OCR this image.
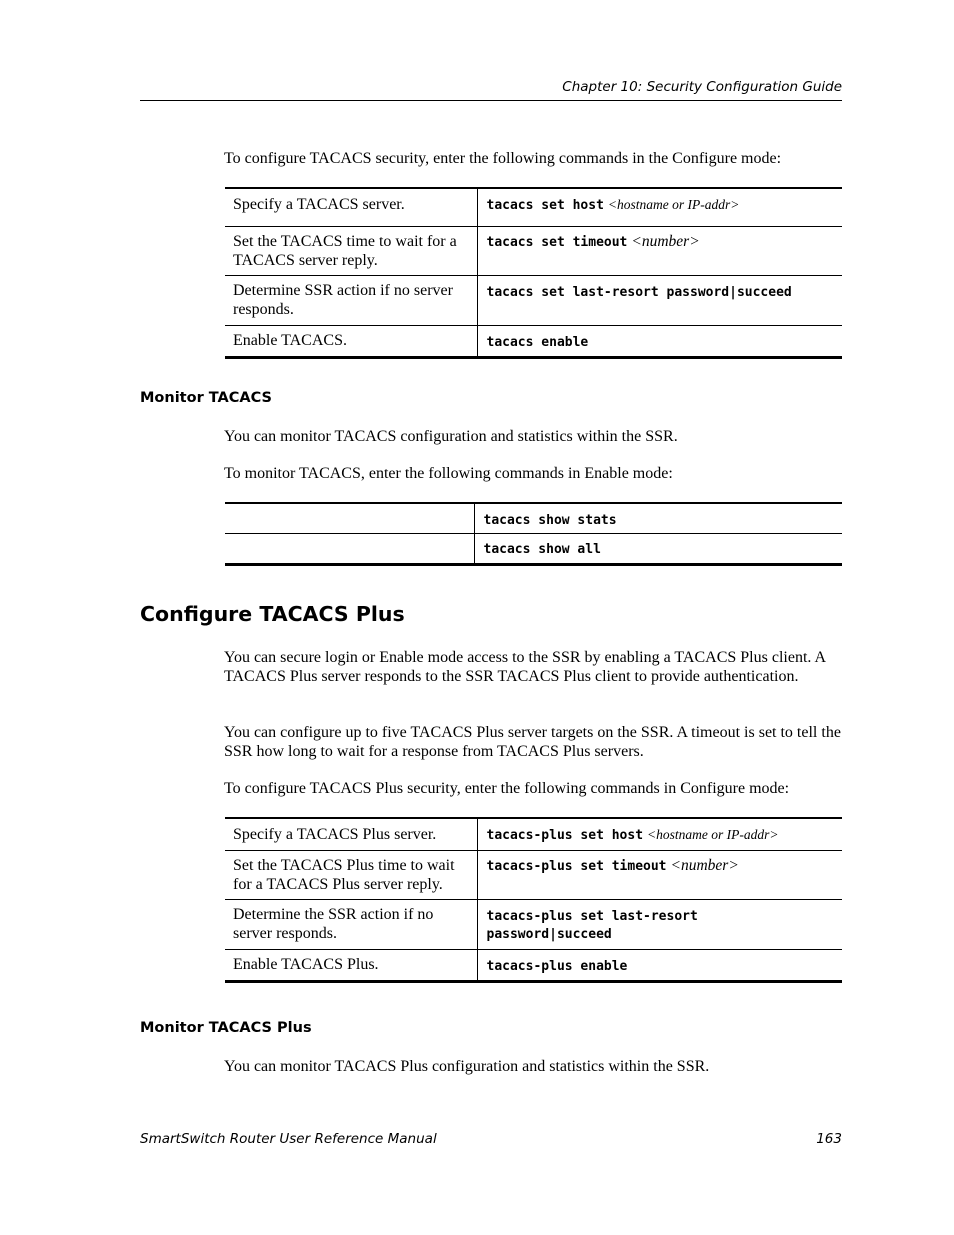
Chapter 10: Security Configuration Guide
To configure TACACS security, enter the following commands in the Configure mode:
Specify a TACACS server.	tacacs set host <hostname or IP-addr>
Set the TACACS time to wait for a TACACS server reply.	tacacs set timeout <number>
Determine SSR action if no server responds.	tacacs set last-resort password|succeed
Enable TACACS.	tacacs enable
Monitor TACACS
You can monitor TACACS configuration and statistics within the SSR.
To monitor TACACS, enter the following commands in Enable mode:
	tacacs show stats
	tacacs show all
Configure TACACS Plus
You can secure login or Enable mode access to the SSR by enabling a TACACS Plus client. A TACACS Plus server responds to the SSR TACACS Plus client to provide authentication.
You can configure up to five TACACS Plus server targets on the SSR. A timeout is set to tell the SSR how long to wait for a response from TACACS Plus servers.
To configure TACACS Plus security, enter the following commands in Configure mode:
Specify a TACACS Plus server.	tacacs-plus set host <hostname or IP-addr>
Set the TACACS Plus time to wait for a TACACS Plus server reply.	tacacs-plus set timeout <number>
Determine the SSR action if no server responds.	tacacs-plus set last-resort
password|succeed
Enable TACACS Plus.	tacacs-plus enable
Monitor TACACS Plus
You can monitor TACACS Plus configuration and statistics within the SSR.
SmartSwitch Router User Reference Manual	163
